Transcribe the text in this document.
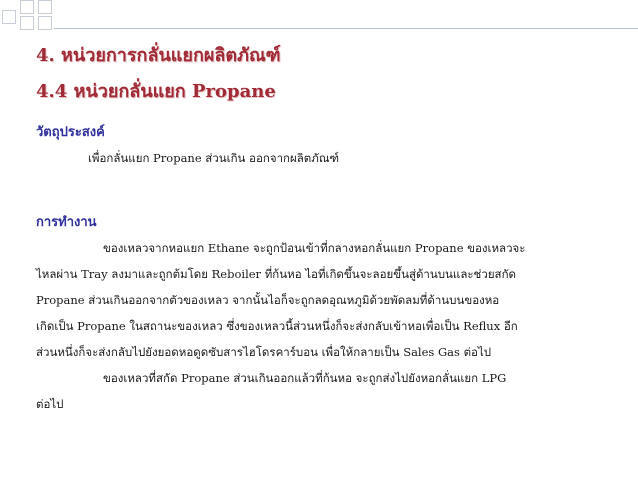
4. หน่วยการกลั่นแยกผลิตภัณฑ์
4.4 หน่วยกลั่นแยก Propane
วัตถุประสงค์
เพื่อกลั่นแยก Propane ส่วนเกิน ออกจากผลิตภัณฑ์
การทำงาน
ของเหลวจากหอแยก Ethane จะถูกป้อนเข้าที่กลางหอกลั่นแยก Propane ของเหลวจะ
ไหลผ่าน Tray ลงมาและถูกต้มโดย Reboiler ที่ก้นหอ ไอที่เกิดขึ้นจะลอยขึ้นสู่ด้านบนและช่วยสกัด
Propane ส่วนเกินออกจากตัวของเหลว จากนั้นไอก็จะถูกลดอุณหภูมิด้วยพัดลมที่ด้านบนของหอ
เกิดเป็น Propane ในสถานะของเหลว ซึ่งของเหลวนี้ส่วนหนึ่งก็จะส่งกลับเข้าหอเพื่อเป็น Reflux อีก
ส่วนหนึ่งก็จะส่งกลับไปยังยอดหอดูดซับสารไฮโดรคาร์บอน เพื่อให้กลายเป็น Sales Gas ต่อไป
ของเหลวที่สกัด Propane ส่วนเกินออกแล้วที่ก้นหอ จะถูกส่งไปยังหอกลั่นแยก LPG
ต่อไป
